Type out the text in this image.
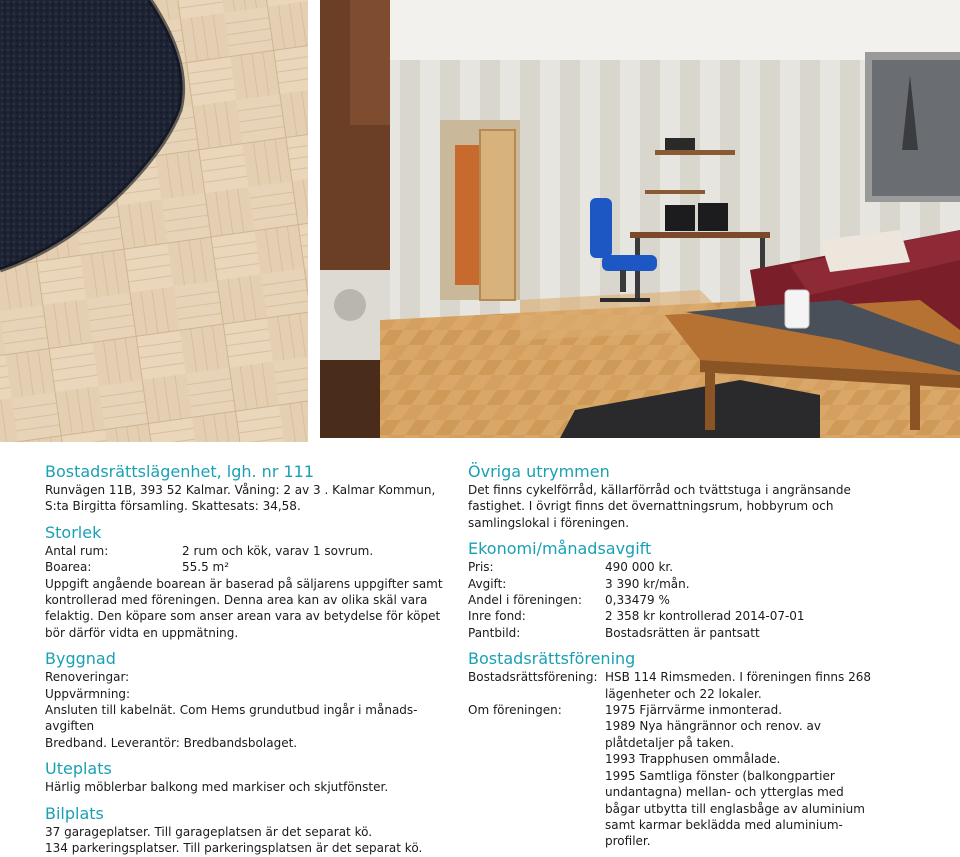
Bostadsrättslägenhet, lgh. nr 111

Runvägen 11B, 393 52 Kalmar. Våning: 2 av 3 . Kalmar Kommun,

S:ta Birgitta församling. Skattesats: 34,58.

Storlek

Antal rum:	2 rum och kök, varav 1 sovrum.
Boarea:	55.5 m²

Uppgift angående boarean är baserad på säljarens uppgifter samt

kontrollerad med föreningen. Denna area kan av olika skäl vara

felaktig. Den köpare som anser arean vara av betydelse för köpet

bör därför vidta en uppmätning.

Byggnad

Renoveringar:

Uppvärmning:

Ansluten till kabelnät. Com Hems grundutbud ingår i månads-

avgiften

Bredband. Leverantör: Bredbandsbolaget.

Uteplats

Härlig möblerbar balkong med markiser och skjutfönster.

Bilplats

37 garageplatser. Till garageplatsen är det separat kö.

134 parkeringsplatser. Till parkeringsplatsen är det separat kö.

Övriga utrymmen

Det finns cykelförråd, källarförråd och tvättstuga i angränsande

fastighet. I övrigt finns det övernattningsrum, hobbyrum och

samlingslokal i föreningen.

Ekonomi/månadsavgift

Pris:	490 000 kr.
Avgift:	3 390 kr/mån.
Andel i föreningen:	0,33479 %
Inre fond:	2 358 kr kontrollerad 2014-07-01
Pantbild:	Bostadsrätten är pantsatt

Bostadsrättsförening

Bostadsrättsförening: HSB 114 Rimsmeden. I föreningen finns 268
lägenheter och 22 lokaler.
Om föreningen:	1975 Fjärrvärme inmonterad.
1989 Nya hängrännor och renov. av
plåtdetaljer på taken.
1993 Trapphusen ommålade.
1995 Samtliga fönster (balkongpartier
undantagna) mellan- och ytterglas med
bågar utbytta till englasbåge av aluminium
samt karmar beklädda med aluminium-
profiler.
